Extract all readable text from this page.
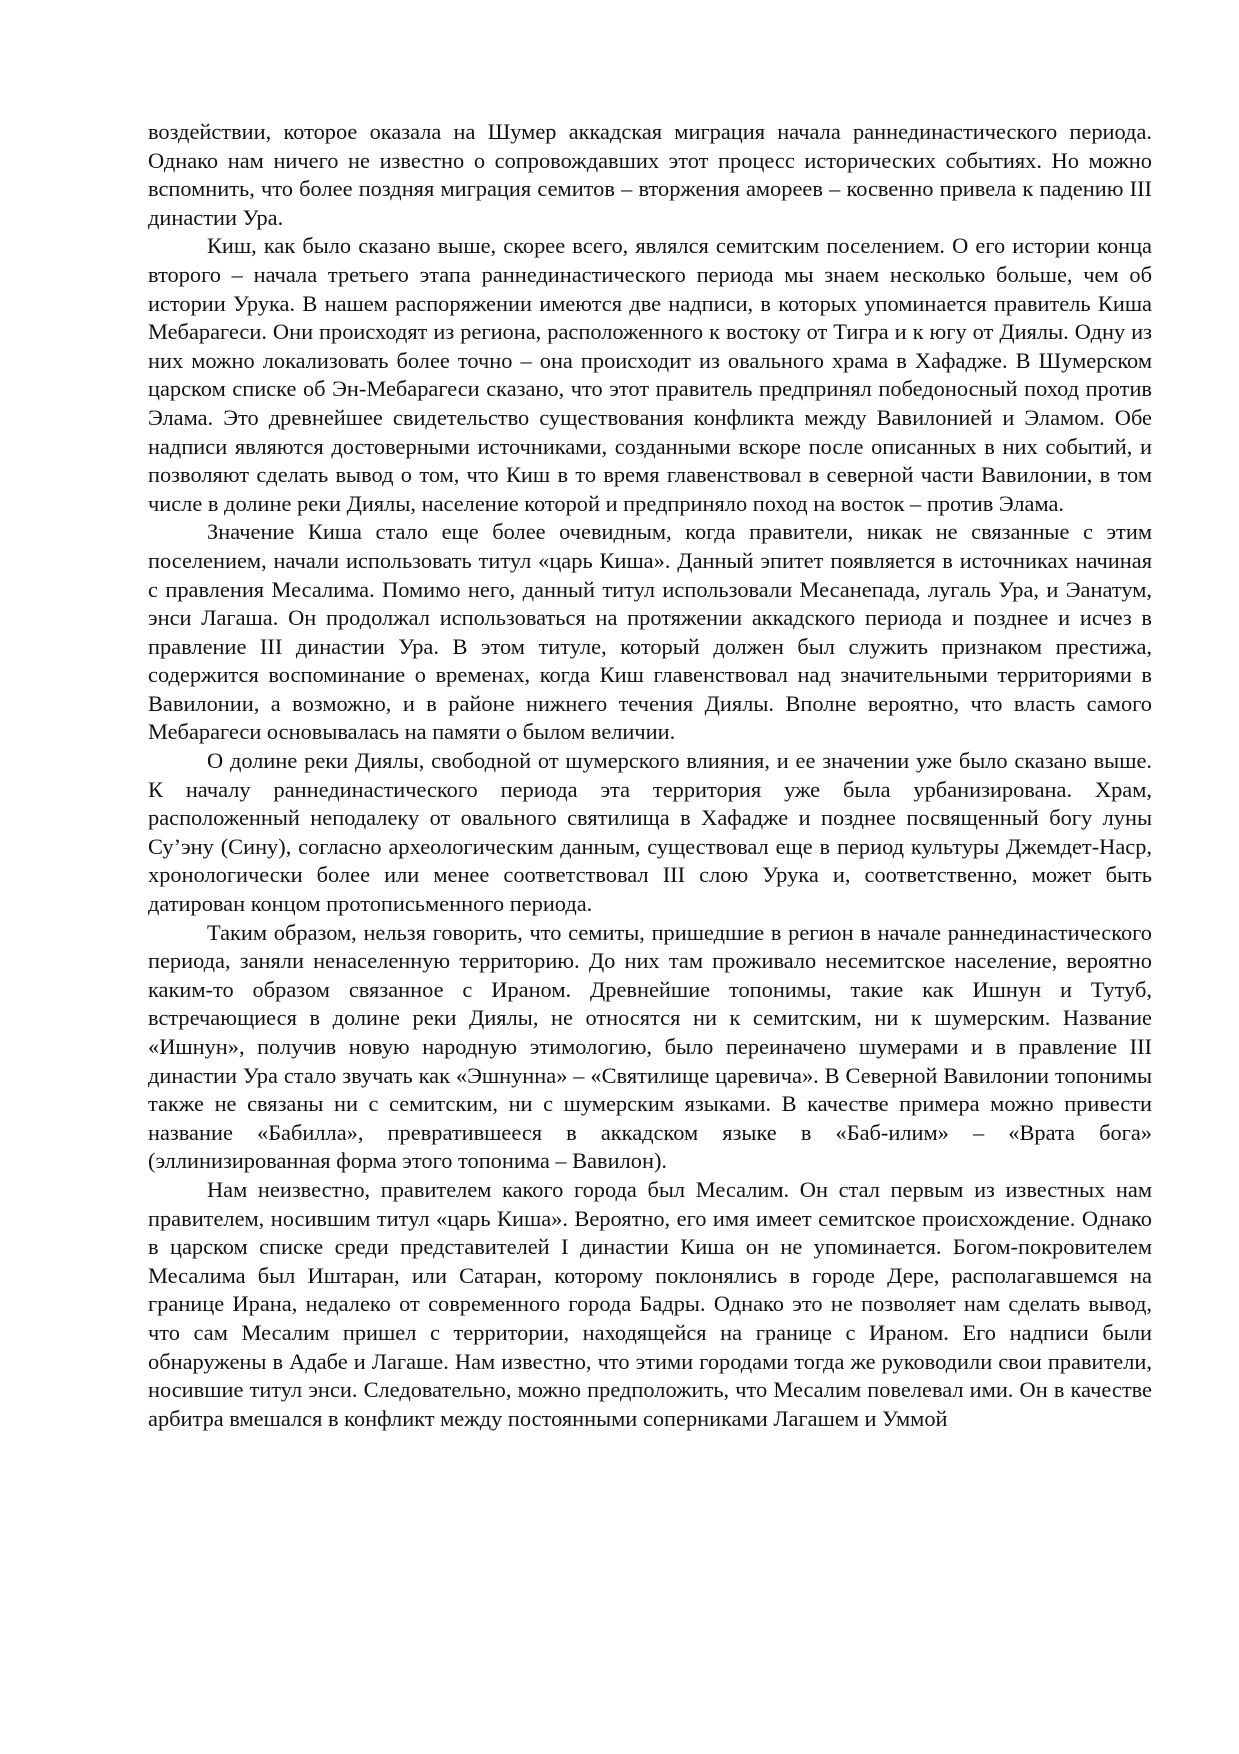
воздействии, которое оказала на Шумер аккадская миграция начала раннединастического периода. Однако нам ничего не известно о сопровождавших этот процесс исторических событиях. Но можно вспомнить, что более поздняя миграция семитов – вторжения амореев – косвенно привела к падению III династии Ура.

Киш, как было сказано выше, скорее всего, являлся семитским поселением. О его истории конца второго – начала третьего этапа раннединастического периода мы знаем несколько больше, чем об истории Урука. В нашем распоряжении имеются две надписи, в которых упоминается правитель Киша Мебарагеси. Они происходят из региона, расположенного к востоку от Тигра и к югу от Диялы. Одну из них можно локализовать более точно – она происходит из овального храма в Хафадже. В Шумерском царском списке об Эн-Мебарагеси сказано, что этот правитель предпринял победоносный поход против Элама. Это древнейшее свидетельство существования конфликта между Вавилонией и Эламом. Обе надписи являются достоверными источниками, созданными вскоре после описанных в них событий, и позволяют сделать вывод о том, что Киш в то время главенствовал в северной части Вавилонии, в том числе в долине реки Диялы, население которой и предприняло поход на восток – против Элама.

Значение Киша стало еще более очевидным, когда правители, никак не связанные с этим поселением, начали использовать титул «царь Киша». Данный эпитет появляется в источниках начиная с правления Месалима. Помимо него, данный титул использовали Месанепада, лугаль Ура, и Эанатум, энси Лагаша. Он продолжал использоваться на протяжении аккадского периода и позднее и исчез в правление III династии Ура. В этом титуле, который должен был служить признаком престижа, содержится воспоминание о временах, когда Киш главенствовал над значительными территориями в Вавилонии, а возможно, и в районе нижнего течения Диялы. Вполне вероятно, что власть самого Мебарагеси основывалась на памяти о былом величии.

О долине реки Диялы, свободной от шумерского влияния, и ее значении уже было сказано выше. К началу раннединастического периода эта территория уже была урбанизирована. Храм, расположенный неподалеку от овального святилища в Хафадже и позднее посвященный богу луны Су’эну (Сину), согласно археологическим данным, существовал еще в период культуры Джемдет-Наср, хронологически более или менее соответствовал III слою Урука и, соответственно, может быть датирован концом протописьменного периода.

Таким образом, нельзя говорить, что семиты, пришедшие в регион в начале раннединастического периода, заняли ненаселенную территорию. До них там проживало несемитское население, вероятно каким-то образом связанное с Ираном. Древнейшие топонимы, такие как Ишнун и Тутуб, встречающиеся в долине реки Диялы, не относятся ни к семитским, ни к шумерским. Название «Ишнун», получив новую народную этимологию, было переиначено шумерами и в правление III династии Ура стало звучать как «Эшнунна» – «Святилище царевича». В Северной Вавилонии топонимы также не связаны ни с семитским, ни с шумерским языками. В качестве примера можно привести название «Бабилла», превратившееся в аккадском языке в «Баб-илим» – «Врата бога» (эллинизированная форма этого топонима – Вавилон).

Нам неизвестно, правителем какого города был Месалим. Он стал первым из известных нам правителем, носившим титул «царь Киша». Вероятно, его имя имеет семитское происхождение. Однако в царском списке среди представителей I династии Киша он не упоминается. Богом-покровителем Месалима был Иштаран, или Сатаран, которому поклонялись в городе Дере, располагавшемся на границе Ирана, недалеко от современного города Бадры. Однако это не позволяет нам сделать вывод, что сам Месалим пришел с территории, находящейся на границе с Ираном. Его надписи были обнаружены в Адабе и Лагаше. Нам известно, что этими городами тогда же руководили свои правители, носившие титул энси. Следовательно, можно предположить, что Месалим повелевал ими. Он в качестве арбитра вмешался в конфликт между постоянными соперниками Лагашем и Уммой
